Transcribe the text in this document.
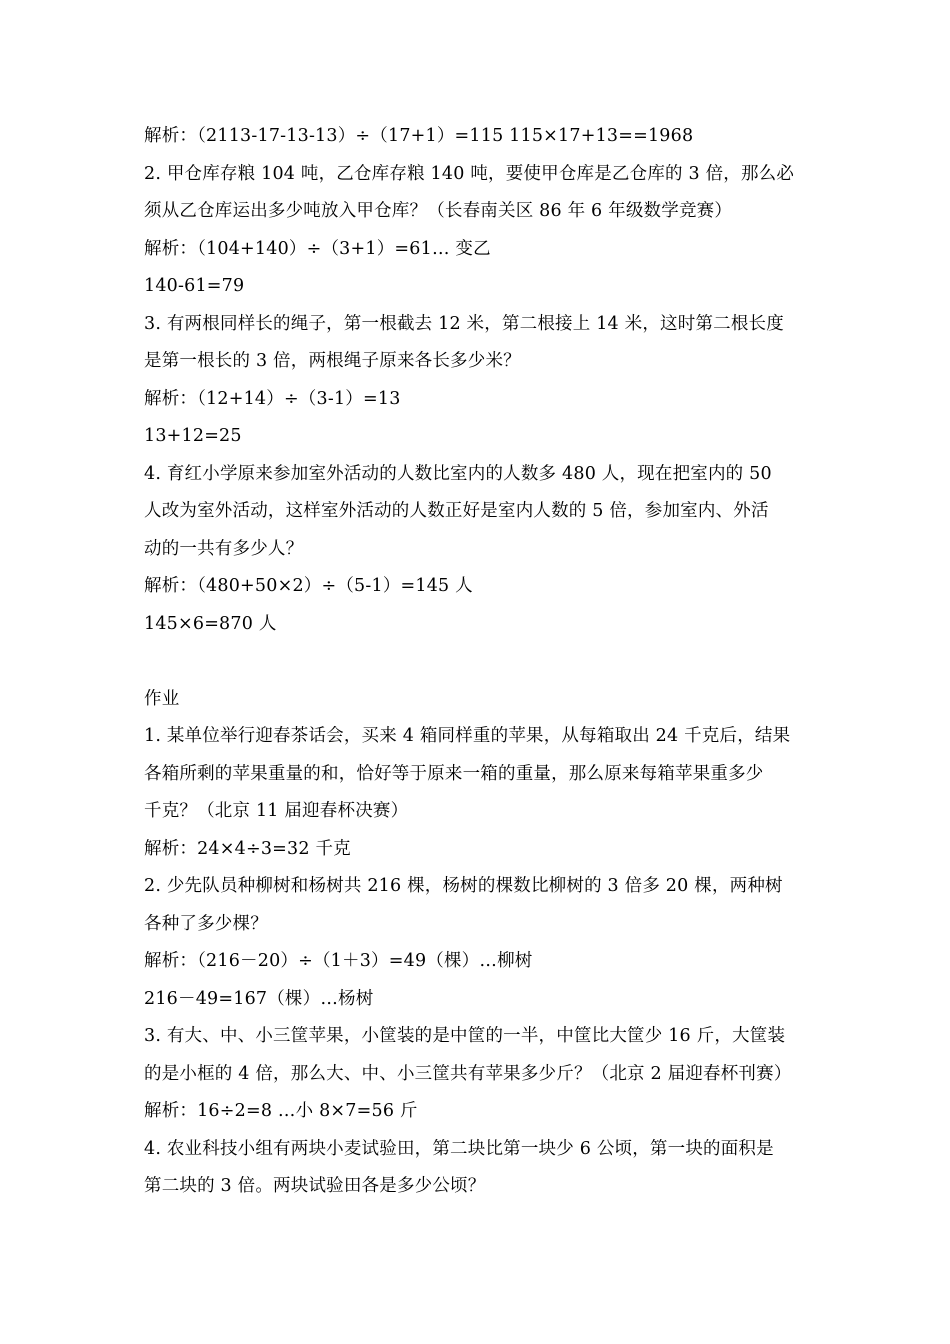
解析：（2113-17-13-13）÷（17+1）=115 115×17+13==1968
2. 甲仓库存粮 104 吨，乙仓库存粮 140 吨，要使甲仓库是乙仓库的 3 倍，那么必
须从乙仓库运出多少吨放入甲仓库？（长春南关区 86 年 6 年级数学竞赛）
解析：（104+140）÷（3+1）=61… 变乙
140-61=79
3. 有两根同样长的绳子，第一根截去 12 米，第二根接上 14 米，这时第二根长度
是第一根长的 3 倍，两根绳子原来各长多少米？
解析：（12+14）÷（3-1）=13
13+12=25
4. 育红小学原来参加室外活动的人数比室内的人数多 480 人，现在把室内的 50
人改为室外活动，这样室外活动的人数正好是室内人数的 5 倍，参加室内、外活
动的一共有多少人？
解析：（480+50×2）÷（5-1）=145 人
145×6=870 人
作业
1. 某单位举行迎春茶话会，买来 4 箱同样重的苹果，从每箱取出 24 千克后，结果
各箱所剩的苹果重量的和，恰好等于原来一箱的重量，那么原来每箱苹果重多少
千克？（北京 11 届迎春杯决赛）
解析：24×4÷3=32 千克
2. 少先队员种柳树和杨树共 216 棵，杨树的棵数比柳树的 3 倍多 20 棵，两种树
各种了多少棵？
解析：（216－20）÷（1＋3）=49（棵）…柳树
216－49=167（棵）…杨树
3. 有大、中、小三筐苹果，小筐装的是中筐的一半，中筐比大筐少 16 斤，大筐装
的是小框的 4 倍，那么大、中、小三筐共有苹果多少斤？（北京 2 届迎春杯刊赛）
解析：16÷2=8 …小 8×7=56 斤
4. 农业科技小组有两块小麦试验田，第二块比第一块少 6 公顷，第一块的面积是
第二块的 3 倍。两块试验田各是多少公顷？
